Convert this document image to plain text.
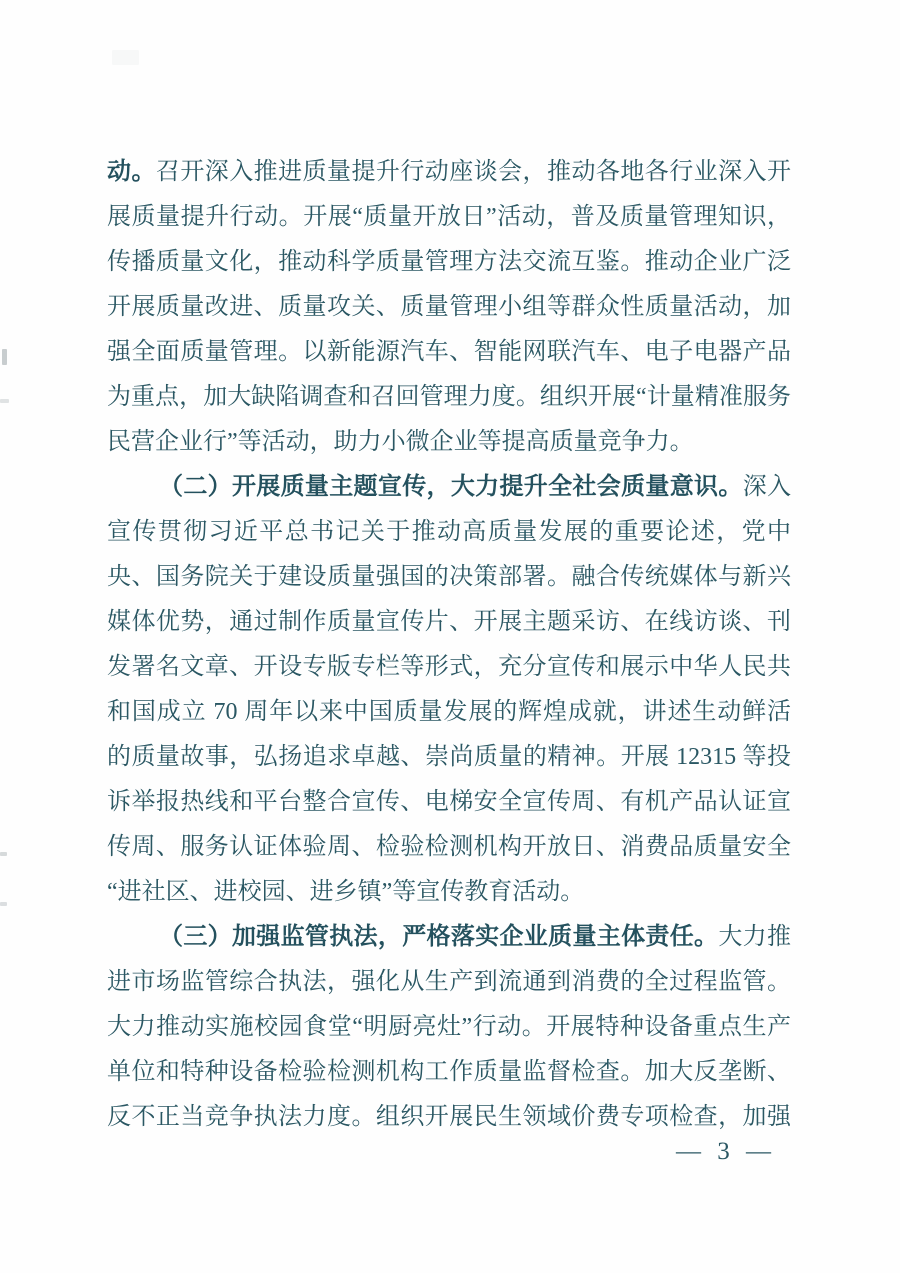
动。召开深入推进质量提升行动座谈会，推动各地各行业深入开
展质量提升行动。开展“质量开放日”活动，普及质量管理知识，
传播质量文化，推动科学质量管理方法交流互鉴。推动企业广泛
开展质量改进、质量攻关、质量管理小组等群众性质量活动，加
强全面质量管理。以新能源汽车、智能网联汽车、电子电器产品
为重点，加大缺陷调查和召回管理力度。组织开展“计量精准服务
民营企业行”等活动，助力小微企业等提高质量竞争力。
（二）开展质量主题宣传，大力提升全社会质量意识。深入
宣传贯彻习近平总书记关于推动高质量发展的重要论述，党中
央、国务院关于建设质量强国的决策部署。融合传统媒体与新兴
媒体优势，通过制作质量宣传片、开展主题采访、在线访谈、刊
发署名文章、开设专版专栏等形式，充分宣传和展示中华人民共
和国成立 70 周年以来中国质量发展的辉煌成就，讲述生动鲜活
的质量故事，弘扬追求卓越、崇尚质量的精神。开展 12315 等投
诉举报热线和平台整合宣传、电梯安全宣传周、有机产品认证宣
传周、服务认证体验周、检验检测机构开放日、消费品质量安全
“进社区、进校园、进乡镇”等宣传教育活动。
（三）加强监管执法，严格落实企业质量主体责任。大力推
进市场监管综合执法，强化从生产到流通到消费的全过程监管。
大力推动实施校园食堂“明厨亮灶”行动。开展特种设备重点生产
单位和特种设备检验检测机构工作质量监督检查。加大反垄断、
反不正当竞争执法力度。组织开展民生领域价费专项检查，加强
— 3 —
